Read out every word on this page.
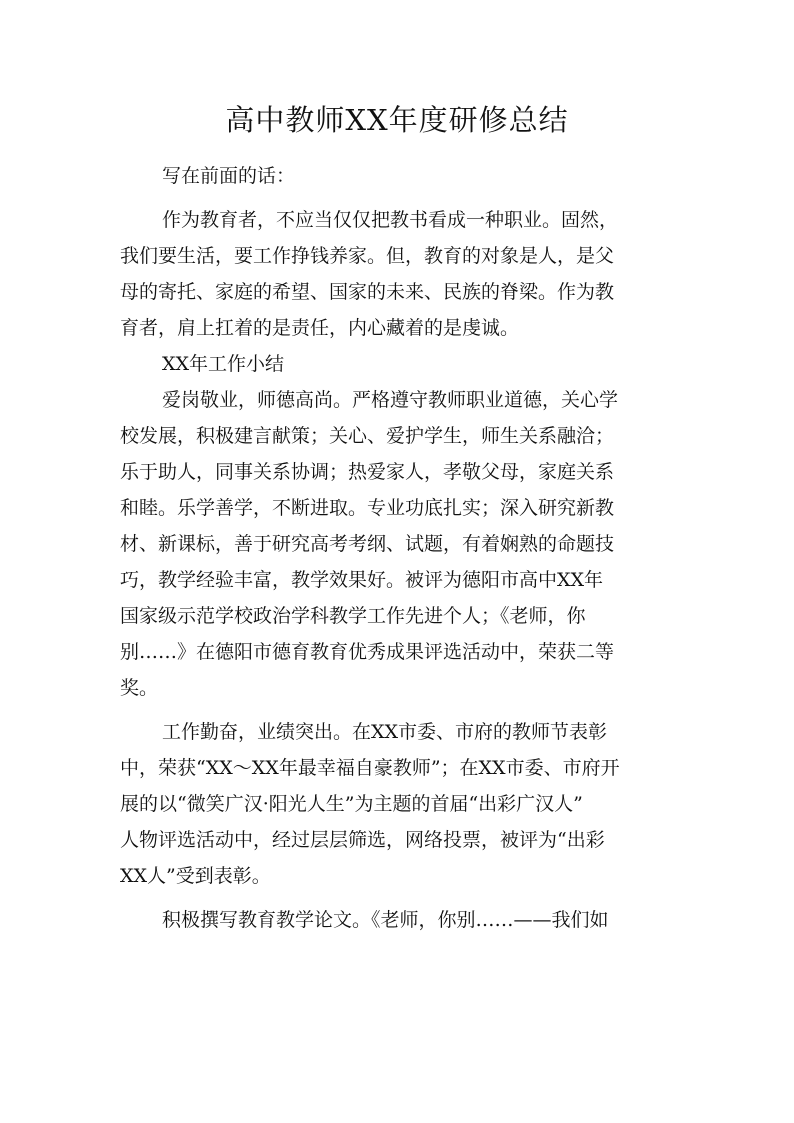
高中教师XX年度研修总结
写在前面的话：
作为教育者，不应当仅仅把教书看成一种职业。固然，
我们要生活，要工作挣钱养家。但，教育的对象是人，是父
母的寄托、家庭的希望、国家的未来、民族的脊梁。作为教
育者，肩上扛着的是责任，内心藏着的是虔诚。
XX年工作小结
爱岗敬业，师德高尚。严格遵守教师职业道德，关心学
校发展，积极建言献策；关心、爱护学生，师生关系融洽；
乐于助人，同事关系协调；热爱家人，孝敬父母，家庭关系
和睦。乐学善学，不断进取。专业功底扎实；深入研究新教
材、新课标，善于研究高考考纲、试题，有着娴熟的命题技
巧，教学经验丰富，教学效果好。被评为德阳市高中XX年
国家级示范学校政治学科教学工作先进个人；《老师，你
别……》在德阳市德育教育优秀成果评选活动中，荣获二等
奖。
工作勤奋，业绩突出。在XX市委、市府的教师节表彰
中，荣获“XX～XX年最幸福自豪教师”；在XX市委、市府开
展的以“微笑广汉·阳光人生”为主题的首届“出彩广汉人”
人物评选活动中，经过层层筛选，网络投票，被评为“出彩
XX人”受到表彰。
积极撰写教育教学论文。《老师，你别……——我们如
